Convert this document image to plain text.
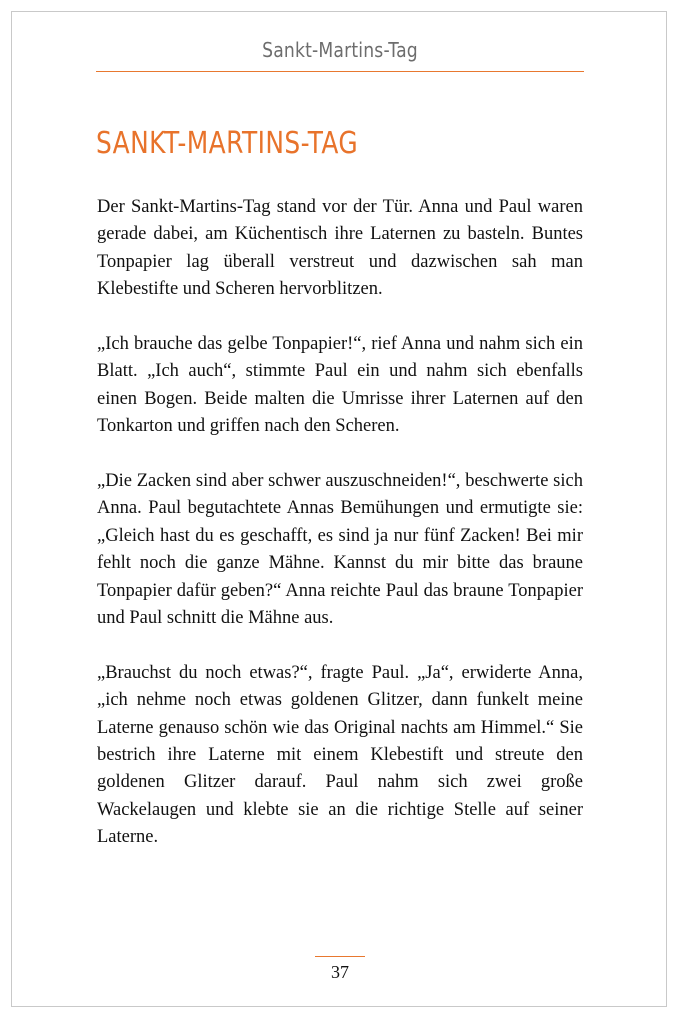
Sankt-Martins-Tag
SANKT-MARTINS-TAG

Der Sankt-Martins-Tag stand vor der Tür. Anna und Paul waren gerade dabei, am Küchentisch ihre Laternen zu basteln. Buntes Tonpapier lag überall verstreut und dazwischen sah man Klebestifte und Scheren hervorblitzen.

„Ich brauche das gelbe Tonpapier!“, rief Anna und nahm sich ein Blatt. „Ich auch“, stimmte Paul ein und nahm sich ebenfalls einen Bogen. Beide malten die Umrisse ihrer Laternen auf den Tonkarton und griffen nach den Scheren.

„Die Zacken sind aber schwer auszuschneiden!“, beschwerte sich Anna. Paul begutachtete Annas Bemühungen und ermutigte sie: „Gleich hast du es geschafft, es sind ja nur fünf Zacken! Bei mir fehlt noch die ganze Mähne. Kannst du mir bitte das braune Tonpapier dafür geben?“ Anna reichte Paul das braune Tonpapier und Paul schnitt die Mähne aus.

„Brauchst du noch etwas?“, fragte Paul. „Ja“, erwiderte Anna, „ich nehme noch etwas goldenen Glitzer, dann funkelt meine Laterne genauso schön wie das Original nachts am Himmel.“ Sie bestrich ihre Laterne mit einem Klebestift und streute den goldenen Glitzer darauf. Paul nahm sich zwei große Wackelaugen und klebte sie an die richtige Stelle auf seiner Laterne.

37
